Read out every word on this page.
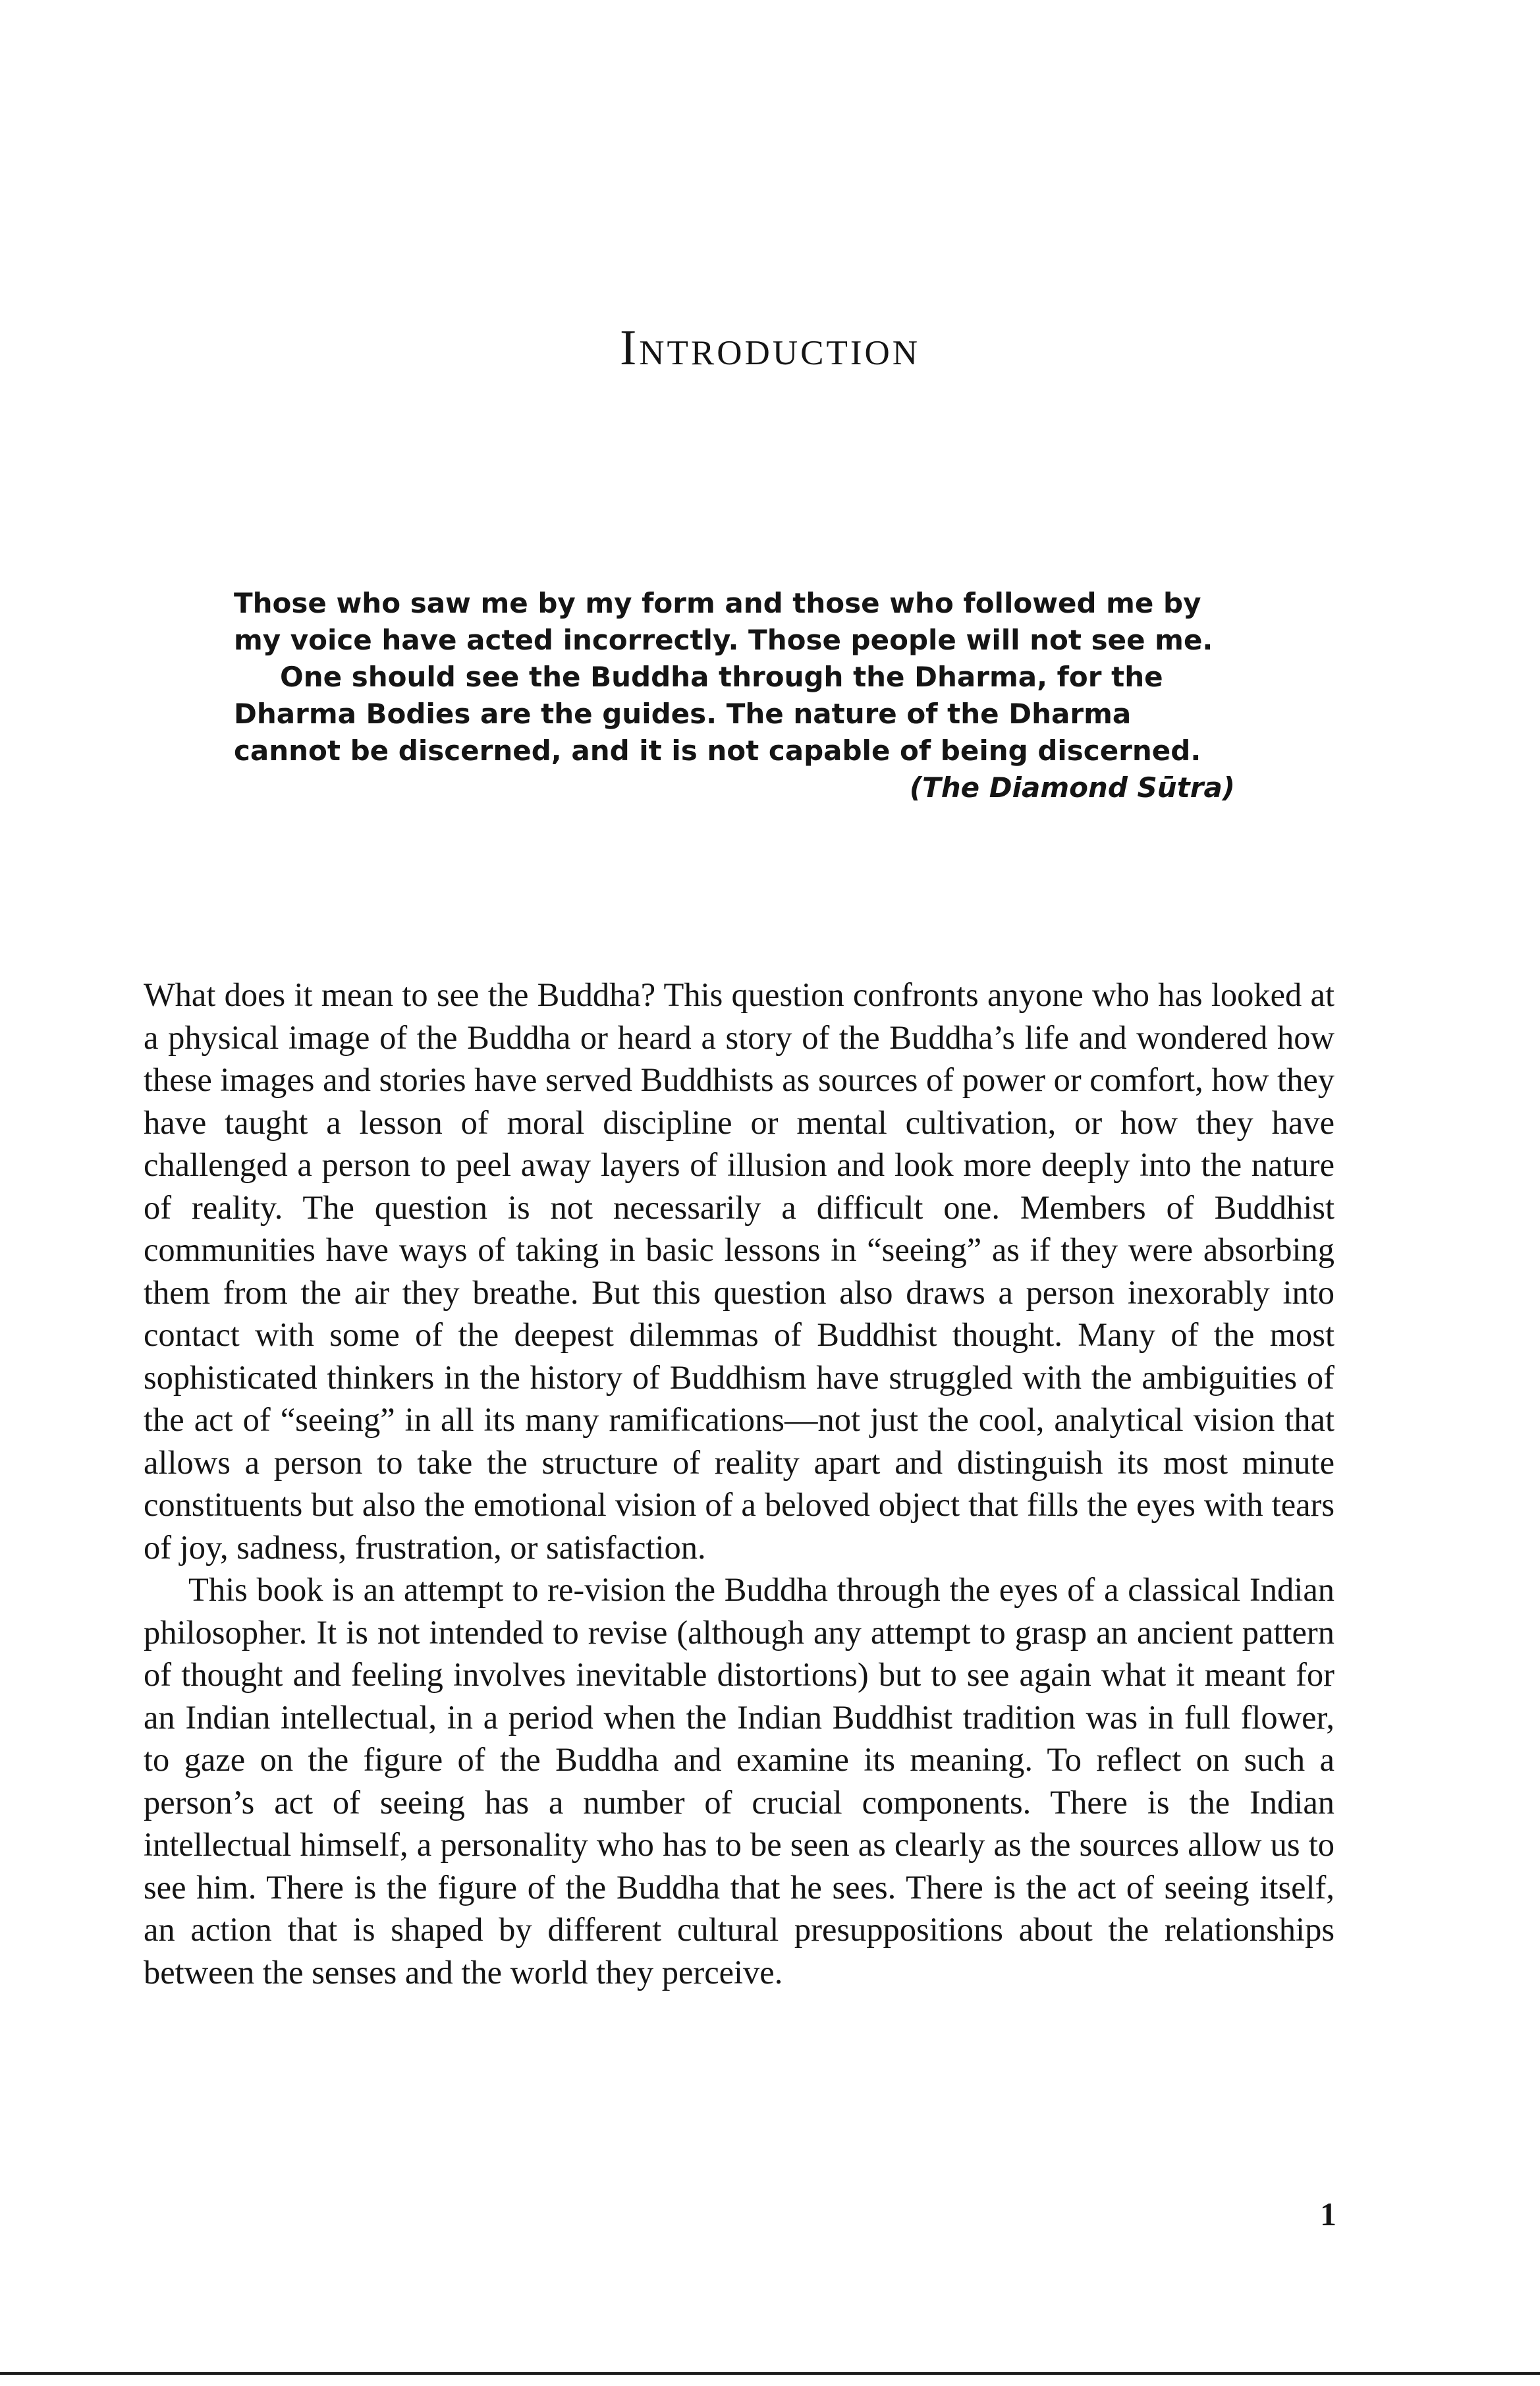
Introduction

Those who saw me by my form and those who followed me by my voice have acted incorrectly. Those people will not see me.

One should see the Buddha through the Dharma, for the Dharma Bodies are the guides. The nature of the Dharma cannot be discerned, and it is not capable of being discerned.

(The Diamond Sūtra)

What does it mean to see the Buddha? This question confronts anyone who has looked at a physical image of the Buddha or heard a story of the Buddha’s life and wondered how these images and stories have served Buddhists as sources of power or comfort, how they have taught a lesson of moral discipline or mental cultivation, or how they have challenged a person to peel away layers of illusion and look more deeply into the nature of reality. The question is not necessarily a difficult one. Members of Buddhist communities have ways of taking in basic lessons in “seeing” as if they were absorbing them from the air they breathe. But this question also draws a person inexorably into contact with some of the deepest dilemmas of Buddhist thought. Many of the most sophisticated thinkers in the history of Buddhism have struggled with the ambiguities of the act of “seeing” in all its many ramifications—not just the cool, analytical vision that allows a person to take the structure of reality apart and distinguish its most minute constituents but also the emotional vision of a beloved object that fills the eyes with tears of joy, sadness, frustration, or satisfaction.

This book is an attempt to re-vision the Buddha through the eyes of a classical Indian philosopher. It is not intended to revise (although any attempt to grasp an ancient pattern of thought and feeling involves inevitable distortions) but to see again what it meant for an Indian intellectual, in a period when the Indian Buddhist tradition was in full flower, to gaze on the figure of the Buddha and examine its meaning. To reflect on such a person’s act of seeing has a number of crucial components. There is the Indian intellectual himself, a personality who has to be seen as clearly as the sources allow us to see him. There is the figure of the Buddha that he sees. There is the act of seeing itself, an action that is shaped by different cultural presuppositions about the relationships between the senses and the world they perceive.

1
